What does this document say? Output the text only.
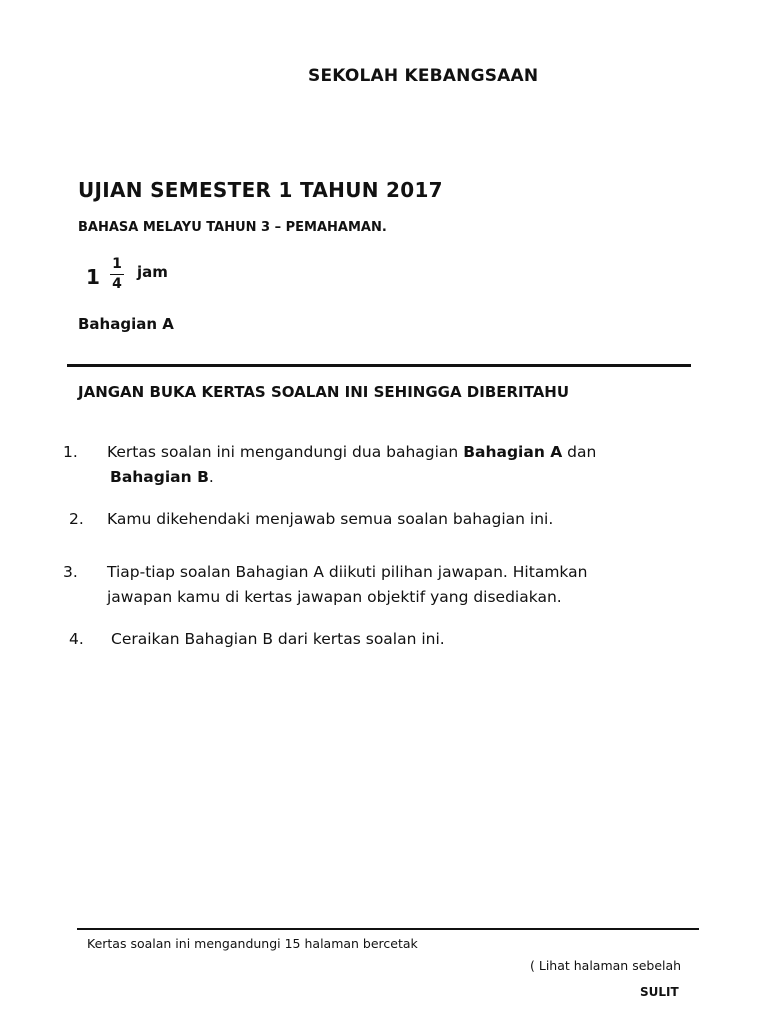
SEKOLAH KEBANGSAAN
UJIAN SEMESTER 1 TAHUN 2017
BAHASA MELAYU TAHUN 3 – PEMAHAMAN.
1
1
4
jam
Bahagian A
JANGAN BUKA KERTAS SOALAN INI SEHINGGA DIBERITAHU
1. Kertas soalan ini mengandungi dua bahagian Bahagian A dan
Bahagian B.
2. Kamu dikehendaki menjawab semua soalan bahagian ini.
3. Tiap-tiap soalan Bahagian A diikuti pilihan jawapan. Hitamkan
jawapan kamu di kertas jawapan objektif yang disediakan.
4. Ceraikan Bahagian B dari kertas soalan ini.
Kertas soalan ini mengandungi 15 halaman bercetak
( Lihat halaman sebelah
SULIT
